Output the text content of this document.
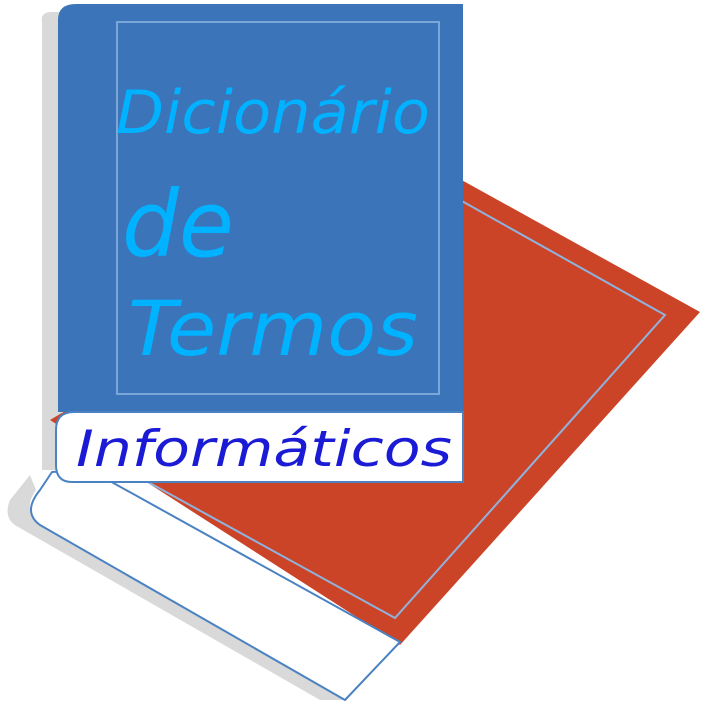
Dicionário
de
Termos
Informáticos
